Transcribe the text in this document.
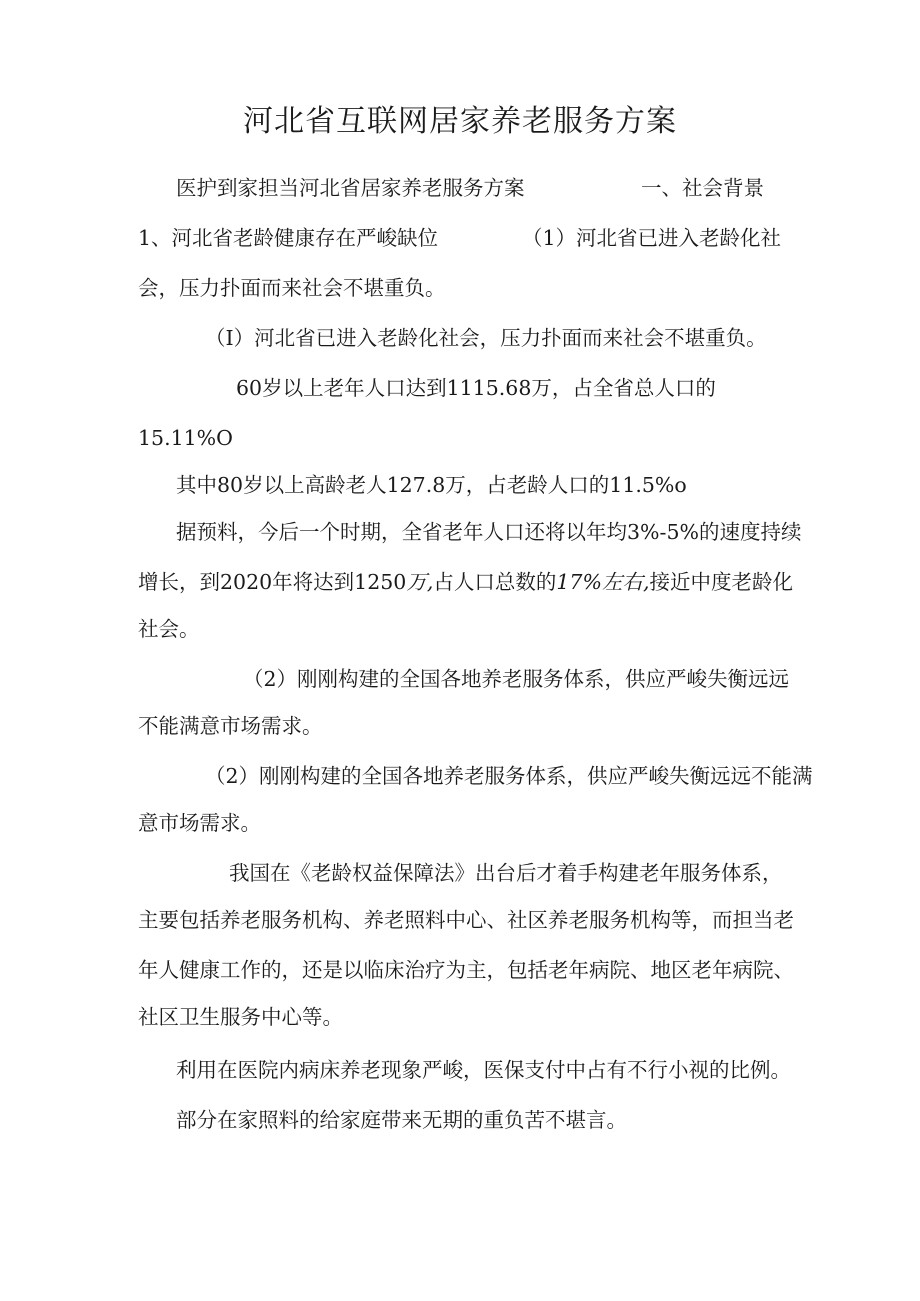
河北省互联网居家养老服务方案
医护到家担当河北省居家养老服务方案	一、社会背景
1、河北省老龄健康存在严峻缺位	（1）河北省已进入老龄化社
会，压力扑面而来社会不堪重负。
（I）河北省已进入老龄化社会，压力扑面而来社会不堪重负。
60岁以上老年人口达到1115.68万，占全省总人口的
15.11%O
其中80岁以上高龄老人127.8万，占老龄人口的11.5%o
据预料，今后一个时期，全省老年人口还将以年均3%-5%的速度持续
增长，到2020年将达到1250万,占人口总数的17%左右,接近中度老龄化
社会。
（2）刚刚构建的全国各地养老服务体系，供应严峻失衡远远
不能满意市场需求。
（2）刚刚构建的全国各地养老服务体系，供应严峻失衡远远不能满
意市场需求。
我国在《老龄权益保障法》出台后才着手构建老年服务体系，
主要包括养老服务机构、养老照料中心、社区养老服务机构等，而担当老
年人健康工作的，还是以临床治疗为主，包括老年病院、地区老年病院、
社区卫生服务中心等。
利用在医院内病床养老现象严峻，医保支付中占有不行小视的比例。
部分在家照料的给家庭带来无期的重负苦不堪言。
